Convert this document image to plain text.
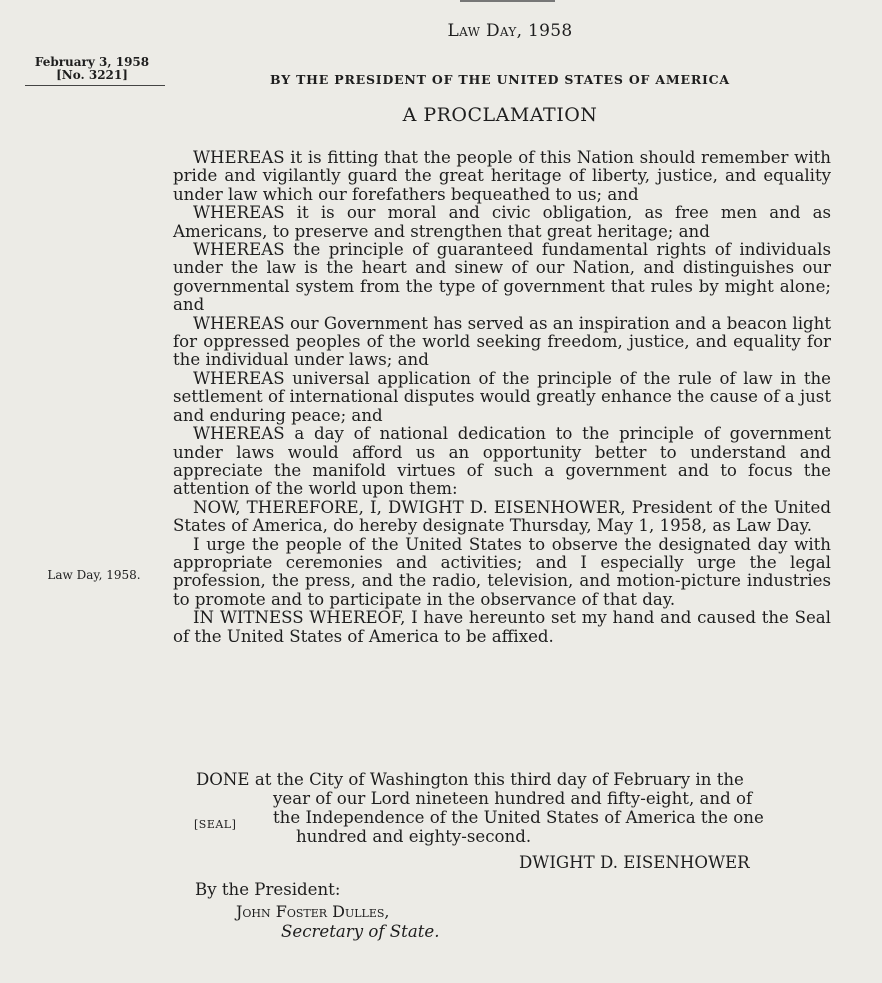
Law Day, 1958
February 3, 1958
[No. 3221]	BY THE PRESIDENT OF THE UNITED STATES OF AMERICA
A PROCLAMATION

WHEREAS it is fitting that the people of this Nation should remember with pride and vigilantly guard the great heritage of liberty, justice, and equality under law which our forefathers bequeathed to us; and

WHEREAS it is our moral and civic obligation, as free men and as Americans, to preserve and strengthen that great heritage; and

WHEREAS the principle of guaranteed fundamental rights of individuals under the law is the heart and sinew of our Nation, and distinguishes our governmental system from the type of government that rules by might alone; and

WHEREAS our Government has served as an inspiration and a beacon light for oppressed peoples of the world seeking freedom, justice, and equality for the individual under laws; and

WHEREAS universal application of the principle of the rule of law in the settlement of international disputes would greatly enhance the cause of a just and enduring peace; and

WHEREAS a day of national dedication to the principle of government under laws would afford us an opportunity better to understand and appreciate the manifold virtues of such a government and to focus the attention of the world upon them:

NOW, THEREFORE, I, DWIGHT D. EISENHOWER, President of the United States of America, do hereby designate Thursday, May 1, 1958, as Law Day.

I urge the people of the United States to observe the designated day with appropriate ceremonies and activities; and I especially urge the legal profession, the press, and the radio, television, and motion-picture industries to promote and to participate in the observance of that day.

IN WITNESS WHEREOF, I have hereunto set my hand and caused the Seal of the United States of America to be affixed.

Law Day, 1958.
DONE at the City of Washington this third day of February in the
year of our Lord nineteen hundred and fifty-eight, and of
the Independence of the United States of America the one
hundred and eighty-second.
[SEAL]
DWIGHT D. EISENHOWER
By the President:
John Foster Dulles,
Secretary of State.
